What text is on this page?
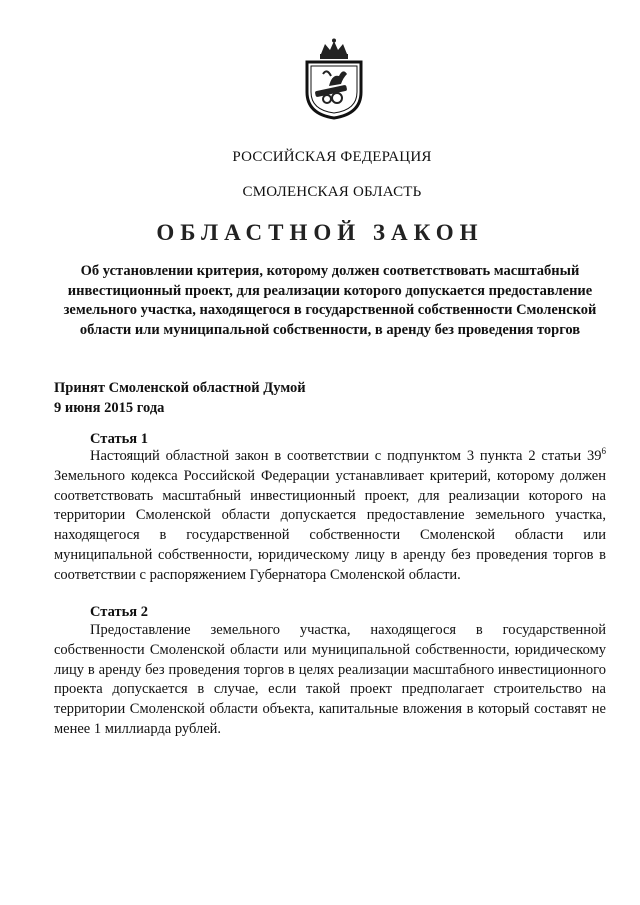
РОССИЙСКАЯ ФЕДЕРАЦИЯ
СМОЛЕНСКАЯ ОБЛАСТЬ
ОБЛАСТНОЙ ЗАКОН
Об установлении критерия, которому должен соответствовать масштабный инвестиционный проект, для реализации которого допускается предоставление земельного участка, находящегося в государственной собственности Смоленской области или муниципальной собственности, в аренду без проведения торгов
Принят Смоленской областной Думой
9 июня 2015 года
Статья 1
Настоящий областной закон в соответствии с подпунктом 3 пункта 2 статьи $39^6$ Земельного кодекса Российской Федерации устанавливает критерий, которому должен соответствовать масштабный инвестиционный проект, для реализации которого на территории Смоленской области допускается предоставление земельного участка, находящегося в государственной собственности Смоленской области или муниципальной собственности, юридическому лицу в аренду без проведения торгов в соответствии с распоряжением Губернатора Смоленской области.
Статья 2
Предоставление земельного участка, находящегося в государственной собственности Смоленской области или муниципальной собственности, юридическому лицу в аренду без проведения торгов в целях реализации масштабного инвестиционного проекта допускается в случае, если такой проект предполагает строительство на территории Смоленской области объекта, капитальные вложения в который составят не менее 1 миллиарда рублей.
